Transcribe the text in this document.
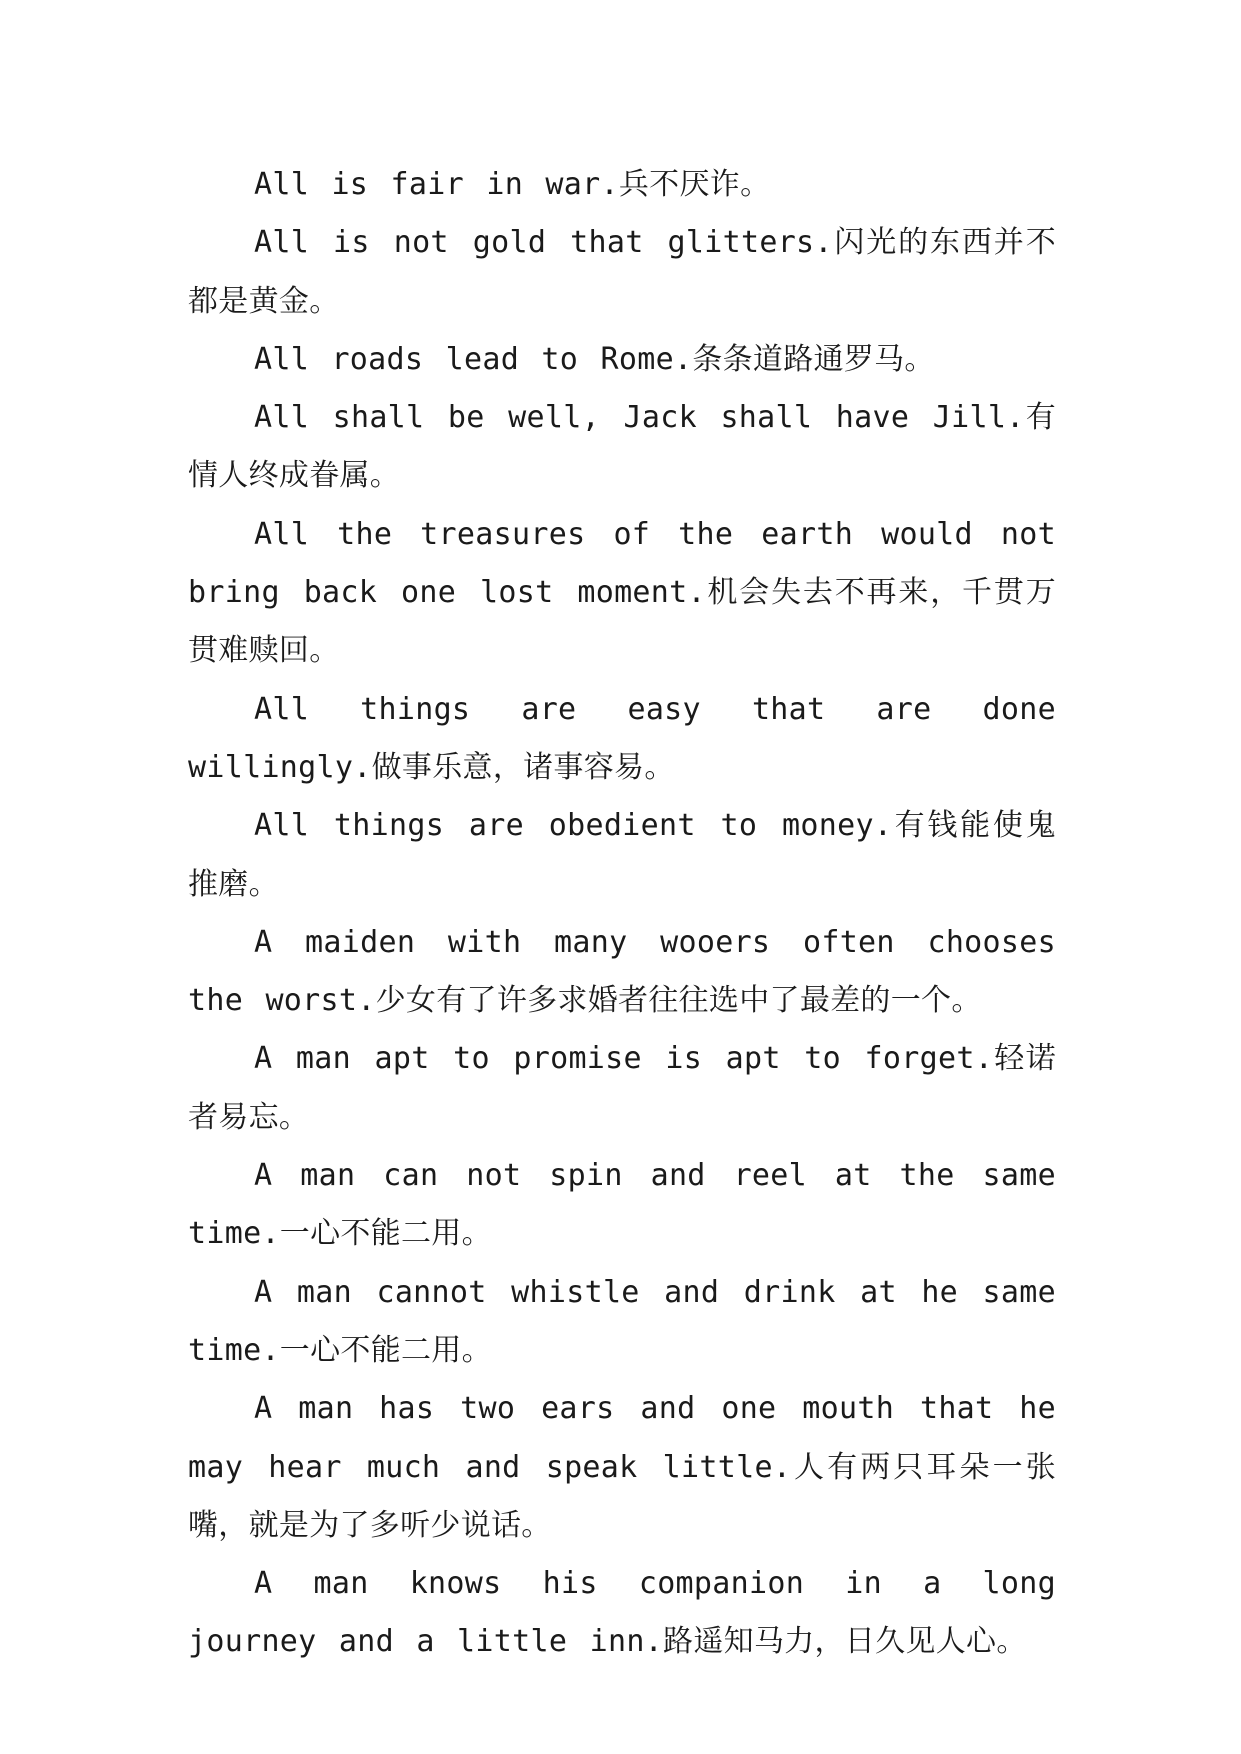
All is fair in war.兵不厌诈。

All is not gold that glitters.闪光的东西并不都是黄金。

All roads lead to Rome.条条道路通罗马。

All shall be well, Jack shall have Jill.有情人终成眷属。

All the treasures of the earth would not bring back one lost moment.机会失去不再来，千贯万贯难赎回。

All things are easy that are done willingly.做事乐意，诸事容易。

All things are obedient to money.有钱能使鬼推磨。

A maiden with many wooers often chooses the worst.少女有了许多求婚者往往选中了最差的一个。

A man apt to promise is apt to forget.轻诺者易忘。

A man can not spin and reel at the same time.一心不能二用。

A man cannot whistle and drink at he same time.一心不能二用。

A man has two ears and one mouth that he may hear much and speak little.人有两只耳朵一张嘴，就是为了多听少说话。

A man knows his companion in a long journey and a little inn.路遥知马力，日久见人心。
